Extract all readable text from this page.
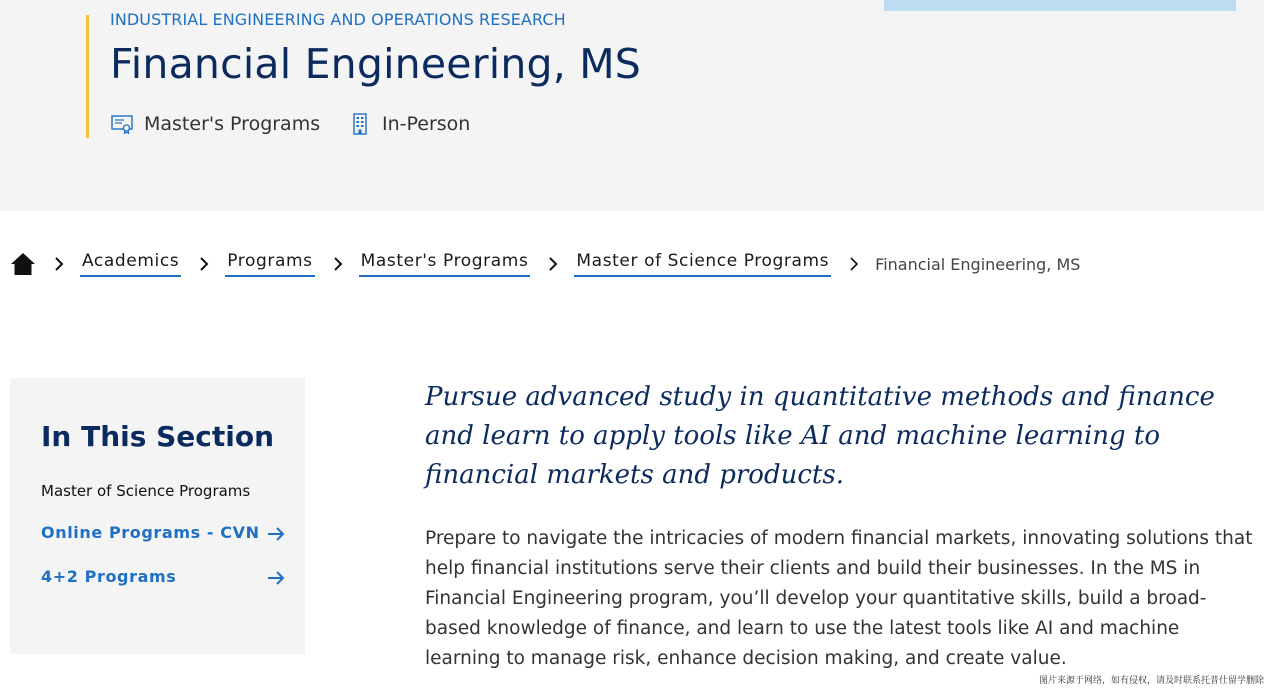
INDUSTRIAL ENGINEERING AND OPERATIONS RESEARCH
Financial Engineering, MS
Master's Programs	In-Person
Academics	Programs	Master's Programs	Master of Science Programs	Financial Engineering, MS
In This Section
Master of Science Programs
Online Programs - CVN
4+2 Programs

Pursue advanced study in quantitative methods and finance and learn to apply tools like AI and machine learning to financial markets and products.

Prepare to navigate the intricacies of modern financial markets, innovating solutions that help financial institutions serve their clients and build their businesses. In the MS in Financial Engineering program, you’ll develop your quantitative skills, build a broad-based knowledge of finance, and learn to use the latest tools like AI and machine learning to manage risk, enhance decision making, and create value.

图片来源于网络，如有侵权，请及时联系托普仕留学删除
